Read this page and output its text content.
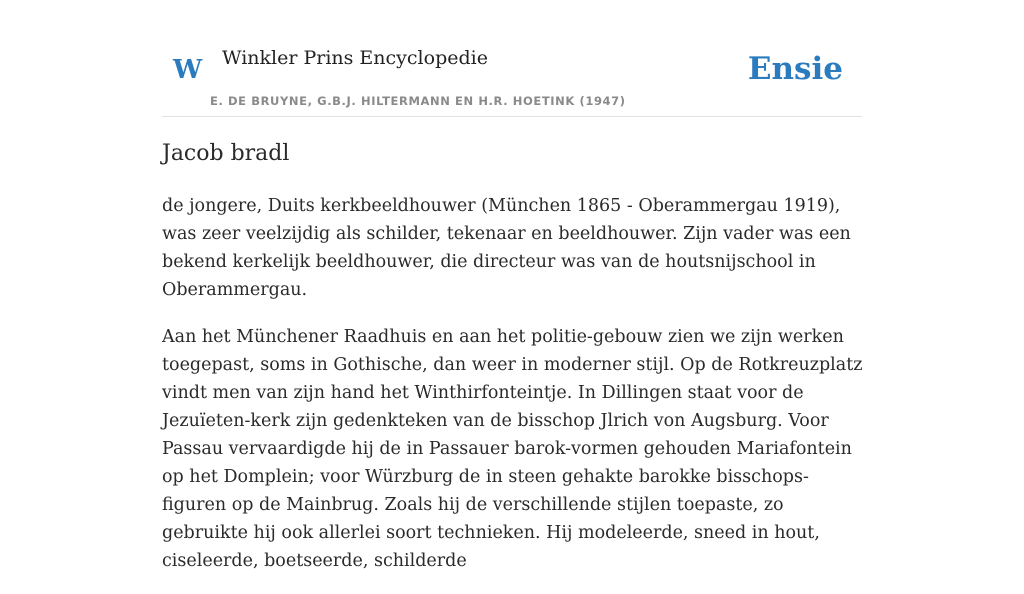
W Winkler Prins Encyclopedie	Ensie
E. DE BRUYNE, G.B.J. HILTERMANN EN H.R. HOETINK (1947)
Jacob bradl

de jongere, Duits kerkbeeldhouwer (München 1865 - Oberammergau 1919), was zeer veelzijdig als schilder, tekenaar en beeldhouwer. Zijn vader was een bekend kerkelijk beeldhouwer, die directeur was van de houtsnijschool in Oberammergau.

Aan het Münchener Raadhuis en aan het politie-gebouw zien we zijn werken toegepast, soms in Gothische, dan weer in moderner stijl. Op de Rotkreuzplatz vindt men van zijn hand het Winthirfonteintje. In Dillingen staat voor de Jezuïeten-kerk zijn gedenkteken van de bisschop Jlrich von Augsburg. Voor Passau vervaardigde hij de in Passauer barok-vormen gehouden Mariafontein op het Domplein; voor Würzburg de in steen gehakte barokke bisschops-figuren op de Mainbrug. Zoals hij de verschillende stijlen toepaste, zo gebruikte hij ook allerlei soort technieken. Hij modeleerde, sneed in hout, ciseleerde, boetseerde, schilderde
